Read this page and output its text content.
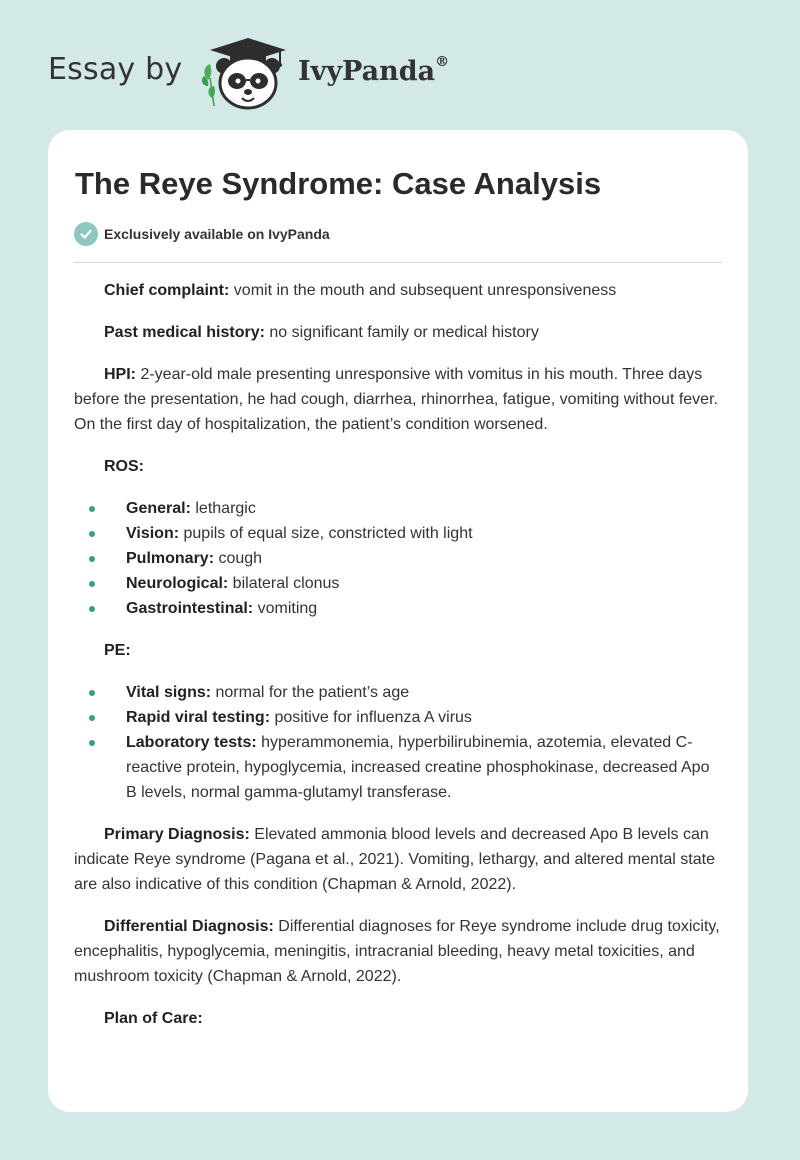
Essay by	IvyPanda®
The Reye Syndrome: Case Analysis
Exclusively available on IvyPanda

Chief complaint: vomit in the mouth and subsequent unresponsiveness

Past medical history: no significant family or medical history

HPI: 2-year-old male presenting unresponsive with vomitus in his mouth. Three days before the presentation, he had cough, diarrhea, rhinorrhea, fatigue, vomiting without fever. On the first day of hospitalization, the patient’s condition worsened.

ROS:

General: lethargic
Vision: pupils of equal size, constricted with light
Pulmonary: cough
Neurological: bilateral clonus
Gastrointestinal: vomiting

PE:

Vital signs: normal for the patient’s age
Rapid viral testing: positive for influenza A virus
Laboratory tests: hyperammonemia, hyperbilirubinemia, azotemia, elevated C-reactive protein, hypoglycemia, increased creatine phosphokinase, decreased Apo B levels, normal gamma-glutamyl transferase.

Primary Diagnosis: Elevated ammonia blood levels and decreased Apo B levels can indicate Reye syndrome (Pagana et al., 2021). Vomiting, lethargy, and altered mental state are also indicative of this condition (Chapman & Arnold, 2022).

Differential Diagnosis: Differential diagnoses for Reye syndrome include drug toxicity, encephalitis, hypoglycemia, meningitis, intracranial bleeding, heavy metal toxicities, and mushroom toxicity (Chapman & Arnold, 2022).

Plan of Care:
